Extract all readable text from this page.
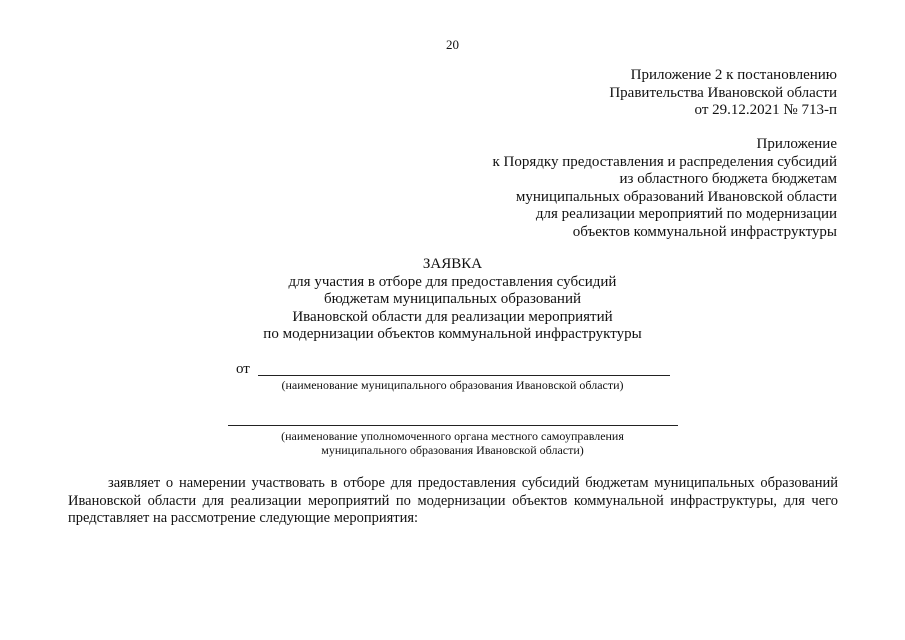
20
Приложение 2 к постановлению
Правительства Ивановской области
от 29.12.2021 № 713-п
Приложение
к Порядку предоставления и распределения субсидий
из областного бюджета бюджетам
муниципальных образований Ивановской области
для реализации мероприятий по модернизации
объектов коммунальной инфраструктуры
ЗАЯВКА
для участия в отборе для предоставления субсидий
бюджетам муниципальных образований
Ивановской области для реализации мероприятий
по модернизации объектов коммунальной инфраструктуры
от
(наименование муниципального образования Ивановской области)
(наименование уполномоченного органа местного самоуправления
муниципального образования Ивановской области)
заявляет о намерении участвовать в отборе для предоставления субсидий бюджетам муниципальных образований Ивановской области для реализации мероприятий по модернизации объектов коммунальной инфраструктуры, для чего представляет на рассмотрение следующие мероприятия:
